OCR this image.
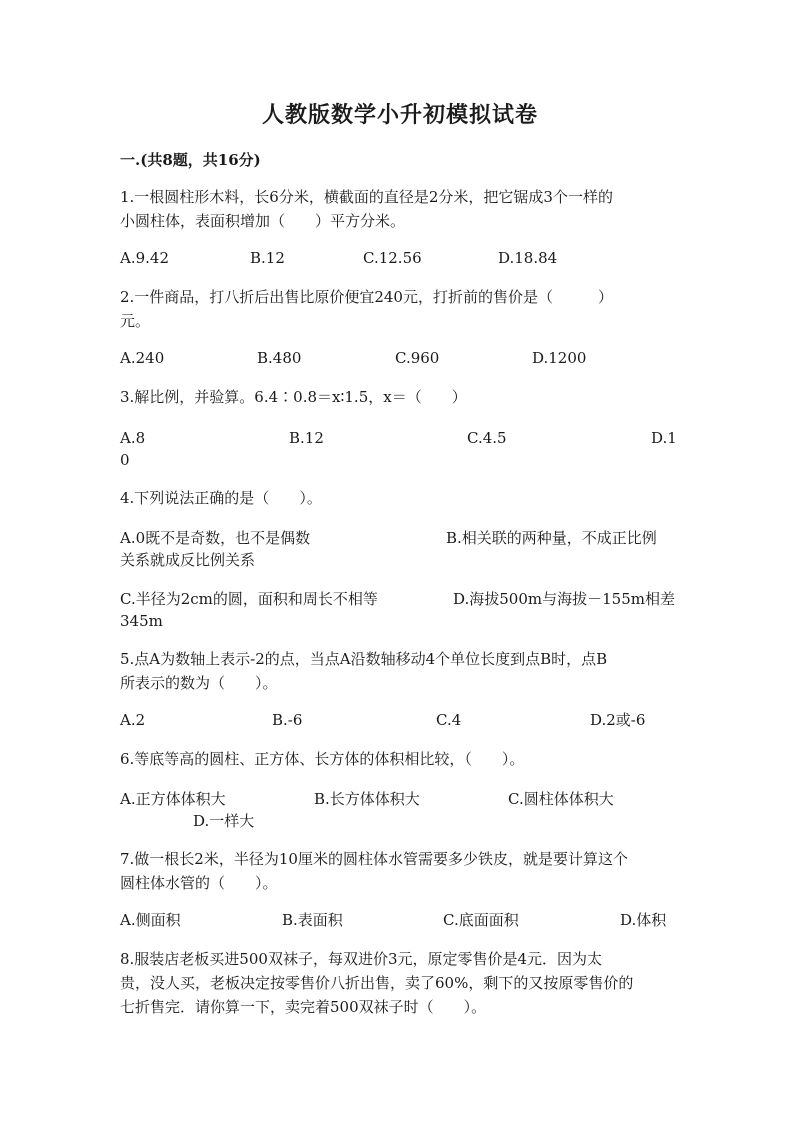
人教版数学小升初模拟试卷
一.(共8题，共16分)
1.一根圆柱形木料，长6分米，横截面的直径是2分米，把它锯成3个一样的
小圆柱体，表面积增加（　　）平方分米。
A.9.42	B.12	C.12.56	D.18.84
2.一件商品，打八折后出售比原价便宜240元，打折前的售价是（　　　）
元。
A.240	B.480	C.960	D.1200
3.解比例，并验算。6.4∶0.8＝x∶1.5，x＝（　　）
A.8	B.12	C.4.5	D.1
0
4.下列说法正确的是（　　）。
A.0既不是奇数，也不是偶数	B.相关联的两种量，不成正比例
关系就成反比例关系
C.半径为2cm的圆，面积和周长不相等	D.海拔500m与海拔－155m相差
345m
5.点A为数轴上表示-2的点，当点A沿数轴移动4个单位长度到点B时，点B
所表示的数为（　　）。
A.2	B.-6	C.4	D.2或-6
6.等底等高的圆柱、正方体、长方体的体积相比较，（　　）。
A.正方体体积大	B.长方体体积大	C.圆柱体体积大
D.一样大
7.做一根长2米，半径为10厘米的圆柱体水管需要多少铁皮，就是要计算这个
圆柱体水管的（　　）。
A.侧面积	B.表面积	C.底面面积	D.体积
8.服装店老板买进500双袜子，每双进价3元，原定零售价是4元．因为太
贵，没人买，老板决定按零售价八折出售，卖了60%，剩下的又按原零售价的
七折售完．请你算一下，卖完着500双袜子时（　　）。
